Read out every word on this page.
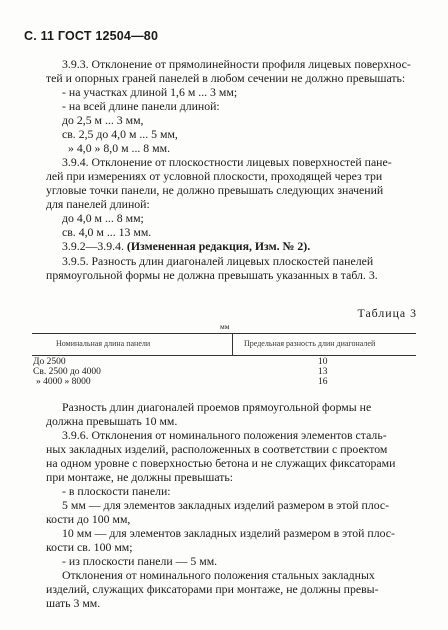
С. 11 ГОСТ 12504—80
3.9.3. Отклонение от прямолинейности профиля лицевых поверхнос-
тей и опорных граней панелей в любом сечении не должно превышать:
- на участках длиной 1,6 м ... 3 мм;
- на всей длине панели длиной:
до 2,5 м ... 3 мм,
св. 2,5 до 4,0 м ... 5 мм,
» 4,0 » 8,0 м ... 8 мм.
3.9.4. Отклонение от плоскостности лицевых поверхностей пане-
лей при измерениях от условной плоскости, проходящей через три
угловые точки панели, не должно превышать следующих значений
для панелей длиной:
до 4,0 м ... 8 мм;
св. 4,0 м ... 13 мм.
3.9.2—3.9.4. (Измененная редакция, Изм. № 2).
3.9.5. Разность длин диагоналей лицевых плоскостей панелей
прямоугольной формы не должна превышать указанных в табл. 3.
Таблица 3
мм
Номинальная длина панели	Предельная разность длин диагоналей
До 2500	10
Св. 2500 до 4000	13
» 4000 » 8000	16
Разность длин диагоналей проемов прямоугольной формы не
должна превышать 10 мм.
3.9.6. Отклонения от номинального положения элементов сталь-
ных закладных изделий, расположенных в соответствии с проектом
на одном уровне с поверхностью бетона и не служащих фиксаторами
при монтаже, не должны превышать:
- в плоскости панели:
5 мм — для элементов закладных изделий размером в этой плос-
кости до 100 мм,
10 мм — для элементов закладных изделий размером в этой плос-
кости св. 100 мм;
- из плоскости панели — 5 мм.
Отклонения от номинального положения стальных закладных
изделий, служащих фиксаторами при монтаже, не должны превы-
шать 3 мм.
